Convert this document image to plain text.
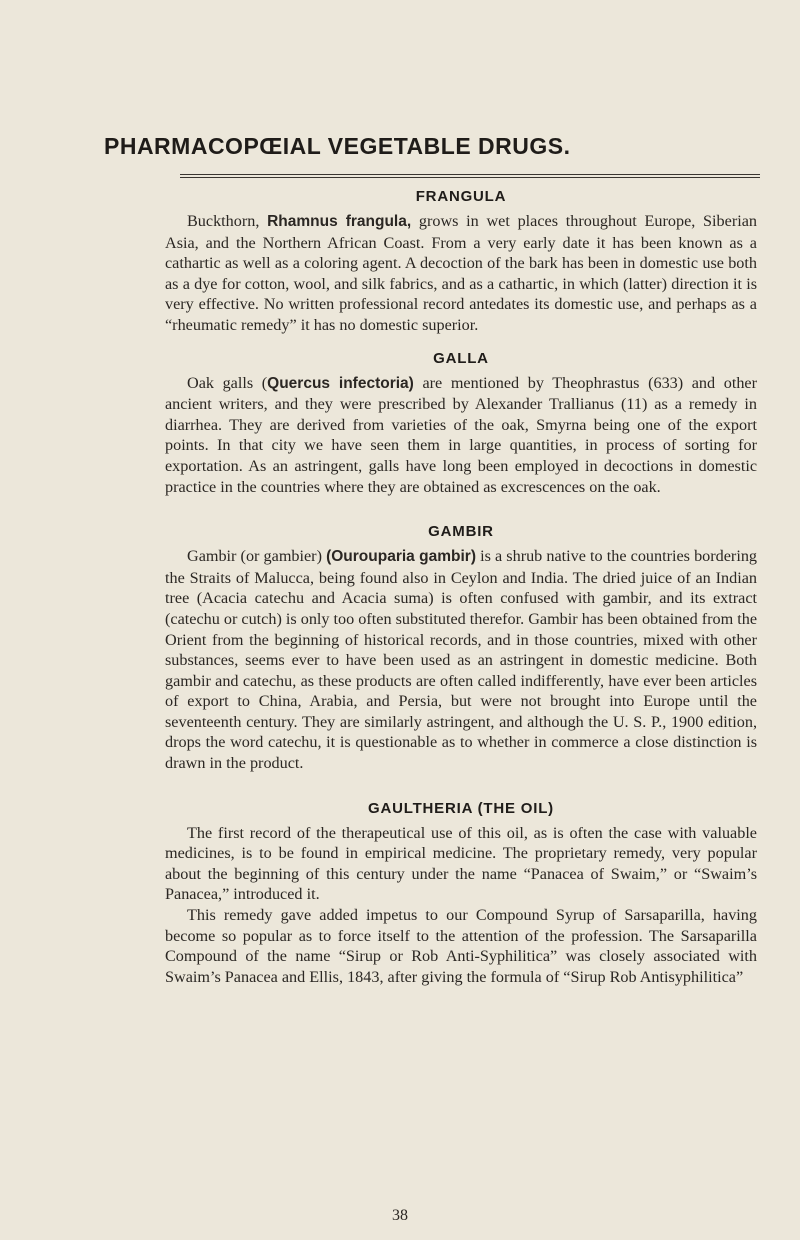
PHARMACOPŒIAL VEGETABLE DRUGS.
FRANGULA

Buckthorn, Rhamnus frangula, grows in wet places throughout Europe, Siberian Asia, and the Northern African Coast. From a very early date it has been known as a cathartic as well as a coloring agent. A decoction of the bark has been in domestic use both as a dye for cotton, wool, and silk fabrics, and as a cathartic, in which (latter) direction it is very effective. No written professional record antedates its domestic use, and perhaps as a “rheumatic remedy” it has no domestic superior.

GALLA

Oak galls (Quercus infectoria) are mentioned by Theophrastus (633) and other ancient writers, and they were prescribed by Alexander Trallianus (11) as a remedy in diarrhea. They are derived from varieties of the oak, Smyrna being one of the export points. In that city we have seen them in large quantities, in process of sorting for exportation. As an astringent, galls have long been employed in decoctions in domestic practice in the countries where they are obtained as excrescences on the oak.

GAMBIR

Gambir (or gambier) (Ourouparia gambir) is a shrub native to the countries bordering the Straits of Malucca, being found also in Ceylon and India. The dried juice of an Indian tree (Acacia catechu and Acacia suma) is often confused with gambir, and its extract (catechu or cutch) is only too often substituted therefor. Gambir has been obtained from the Orient from the beginning of historical records, and in those countries, mixed with other substances, seems ever to have been used as an astringent in domestic medicine. Both gambir and catechu, as these products are often called indifferently, have ever been articles of export to China, Arabia, and Persia, but were not brought into Europe until the seventeenth century. They are similarly astringent, and although the U. S. P., 1900 edition, drops the word catechu, it is questionable as to whether in commerce a close distinction is drawn in the product.

GAULTHERIA (THE OIL)

The first record of the therapeutical use of this oil, as is often the case with valuable medicines, is to be found in empirical medicine. The proprietary remedy, very popular about the beginning of this century under the name “Panacea of Swaim,” or “Swaim’s Panacea,” introduced it.

This remedy gave added impetus to our Compound Syrup of Sarsaparilla, having become so popular as to force itself to the attention of the profession. The Sarsaparilla Compound of the name “Sirup or Rob Anti-Syphilitica” was closely associated with Swaim’s Panacea and Ellis, 1843, after giving the formula of “Sirup Rob Antisyphilitica”

38
